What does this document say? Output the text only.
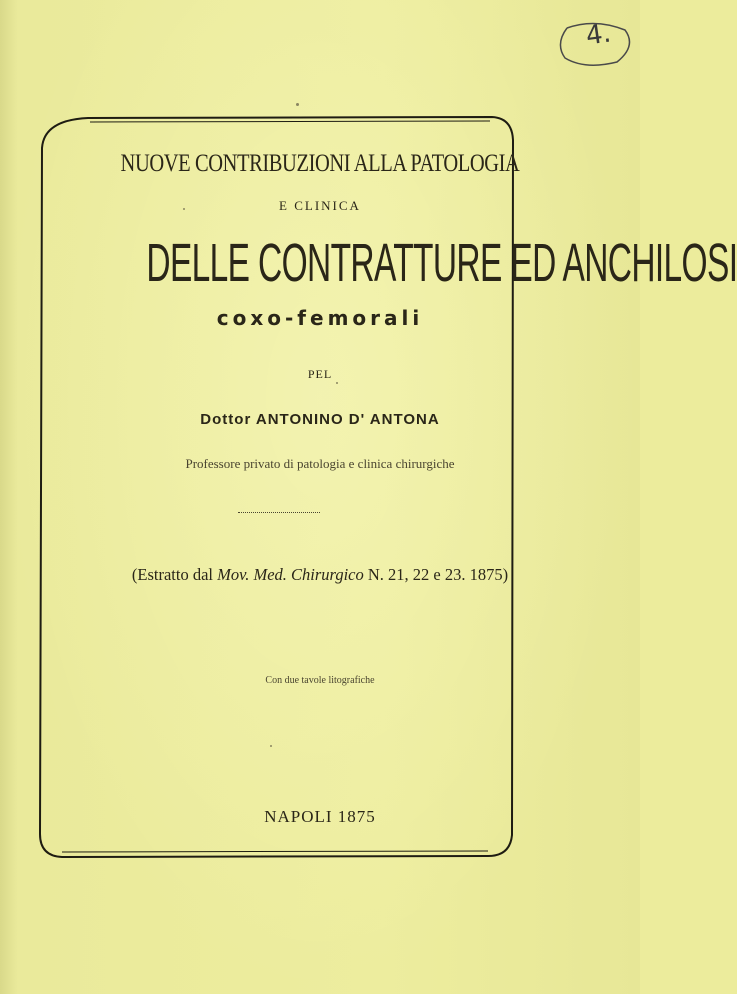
4.
NUOVE CONTRIBUZIONI ALLA PATOLOGIA
E CLINICA
DELLE CONTRATTURE ED ANCHILOSI
coxo-femorali
PEL
Dottor ANTONINO D' ANTONA
Professore privato di patologia e clinica chirurgiche
(Estratto dal Mov. Med. Chirurgico N. 21, 22 e 23. 1875)
Con due tavole litografiche
NAPOLI 1875
